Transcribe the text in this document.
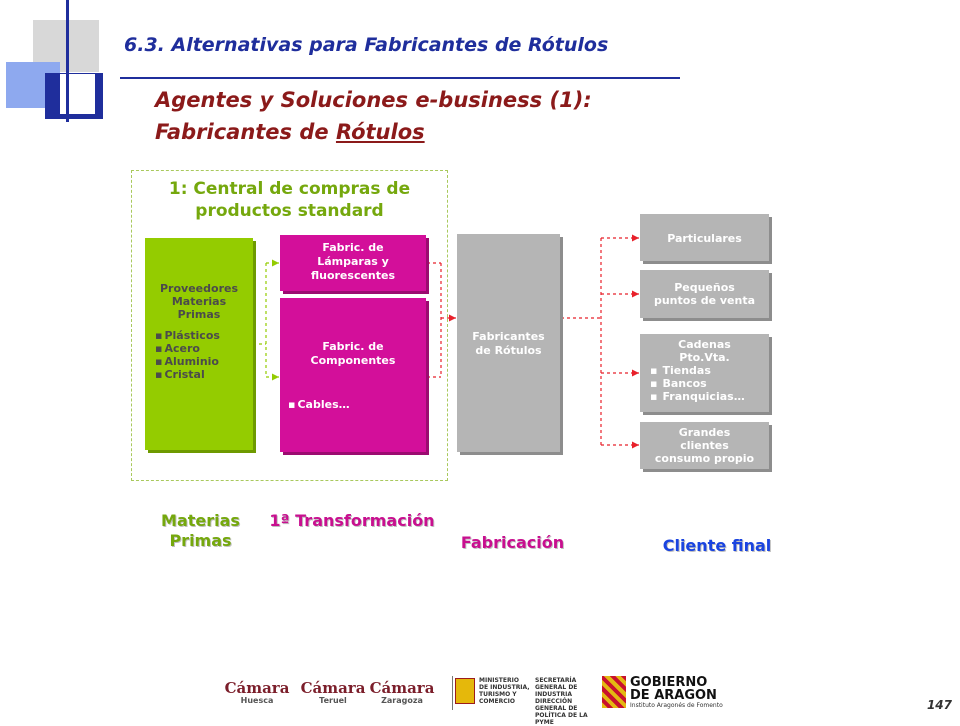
6.3. Alternativas para Fabricantes de Rótulos
Agentes y Soluciones e-business (1):
Fabricantes de Rótulos
1: Central de compras de
productos standard
Proveedores
Materias
Primas
▪ Plásticos
▪ Acero
▪ Aluminio
▪ Cristal
Fabric. de
Lámparas y
fluorescentes
Fabric. de
Componentes
▪ Cables…
Fabricantes
de Rótulos
Particulares
Pequeños
puntos de venta
Cadenas
Pto.Vta.
▪ Tiendas
▪ Bancos
▪ Franquicias…
Grandes
clientes
consumo propio
Materias
Primas
1ª Transformación
Fabricación	Cliente final
Cámara
Huesca
Cámara
Teruel
Cámara
Zaragoza
MINISTERIO
DE INDUSTRIA,
TURISMO Y
COMERCIO
SECRETARÍA GENERAL DE
INDUSTRIA
DIRECCIÓN GENERAL DE
POLÍTICA DE LA PYME
GOBIERNO
DE ARAGON
Instituto Aragonés de Fomento	147
